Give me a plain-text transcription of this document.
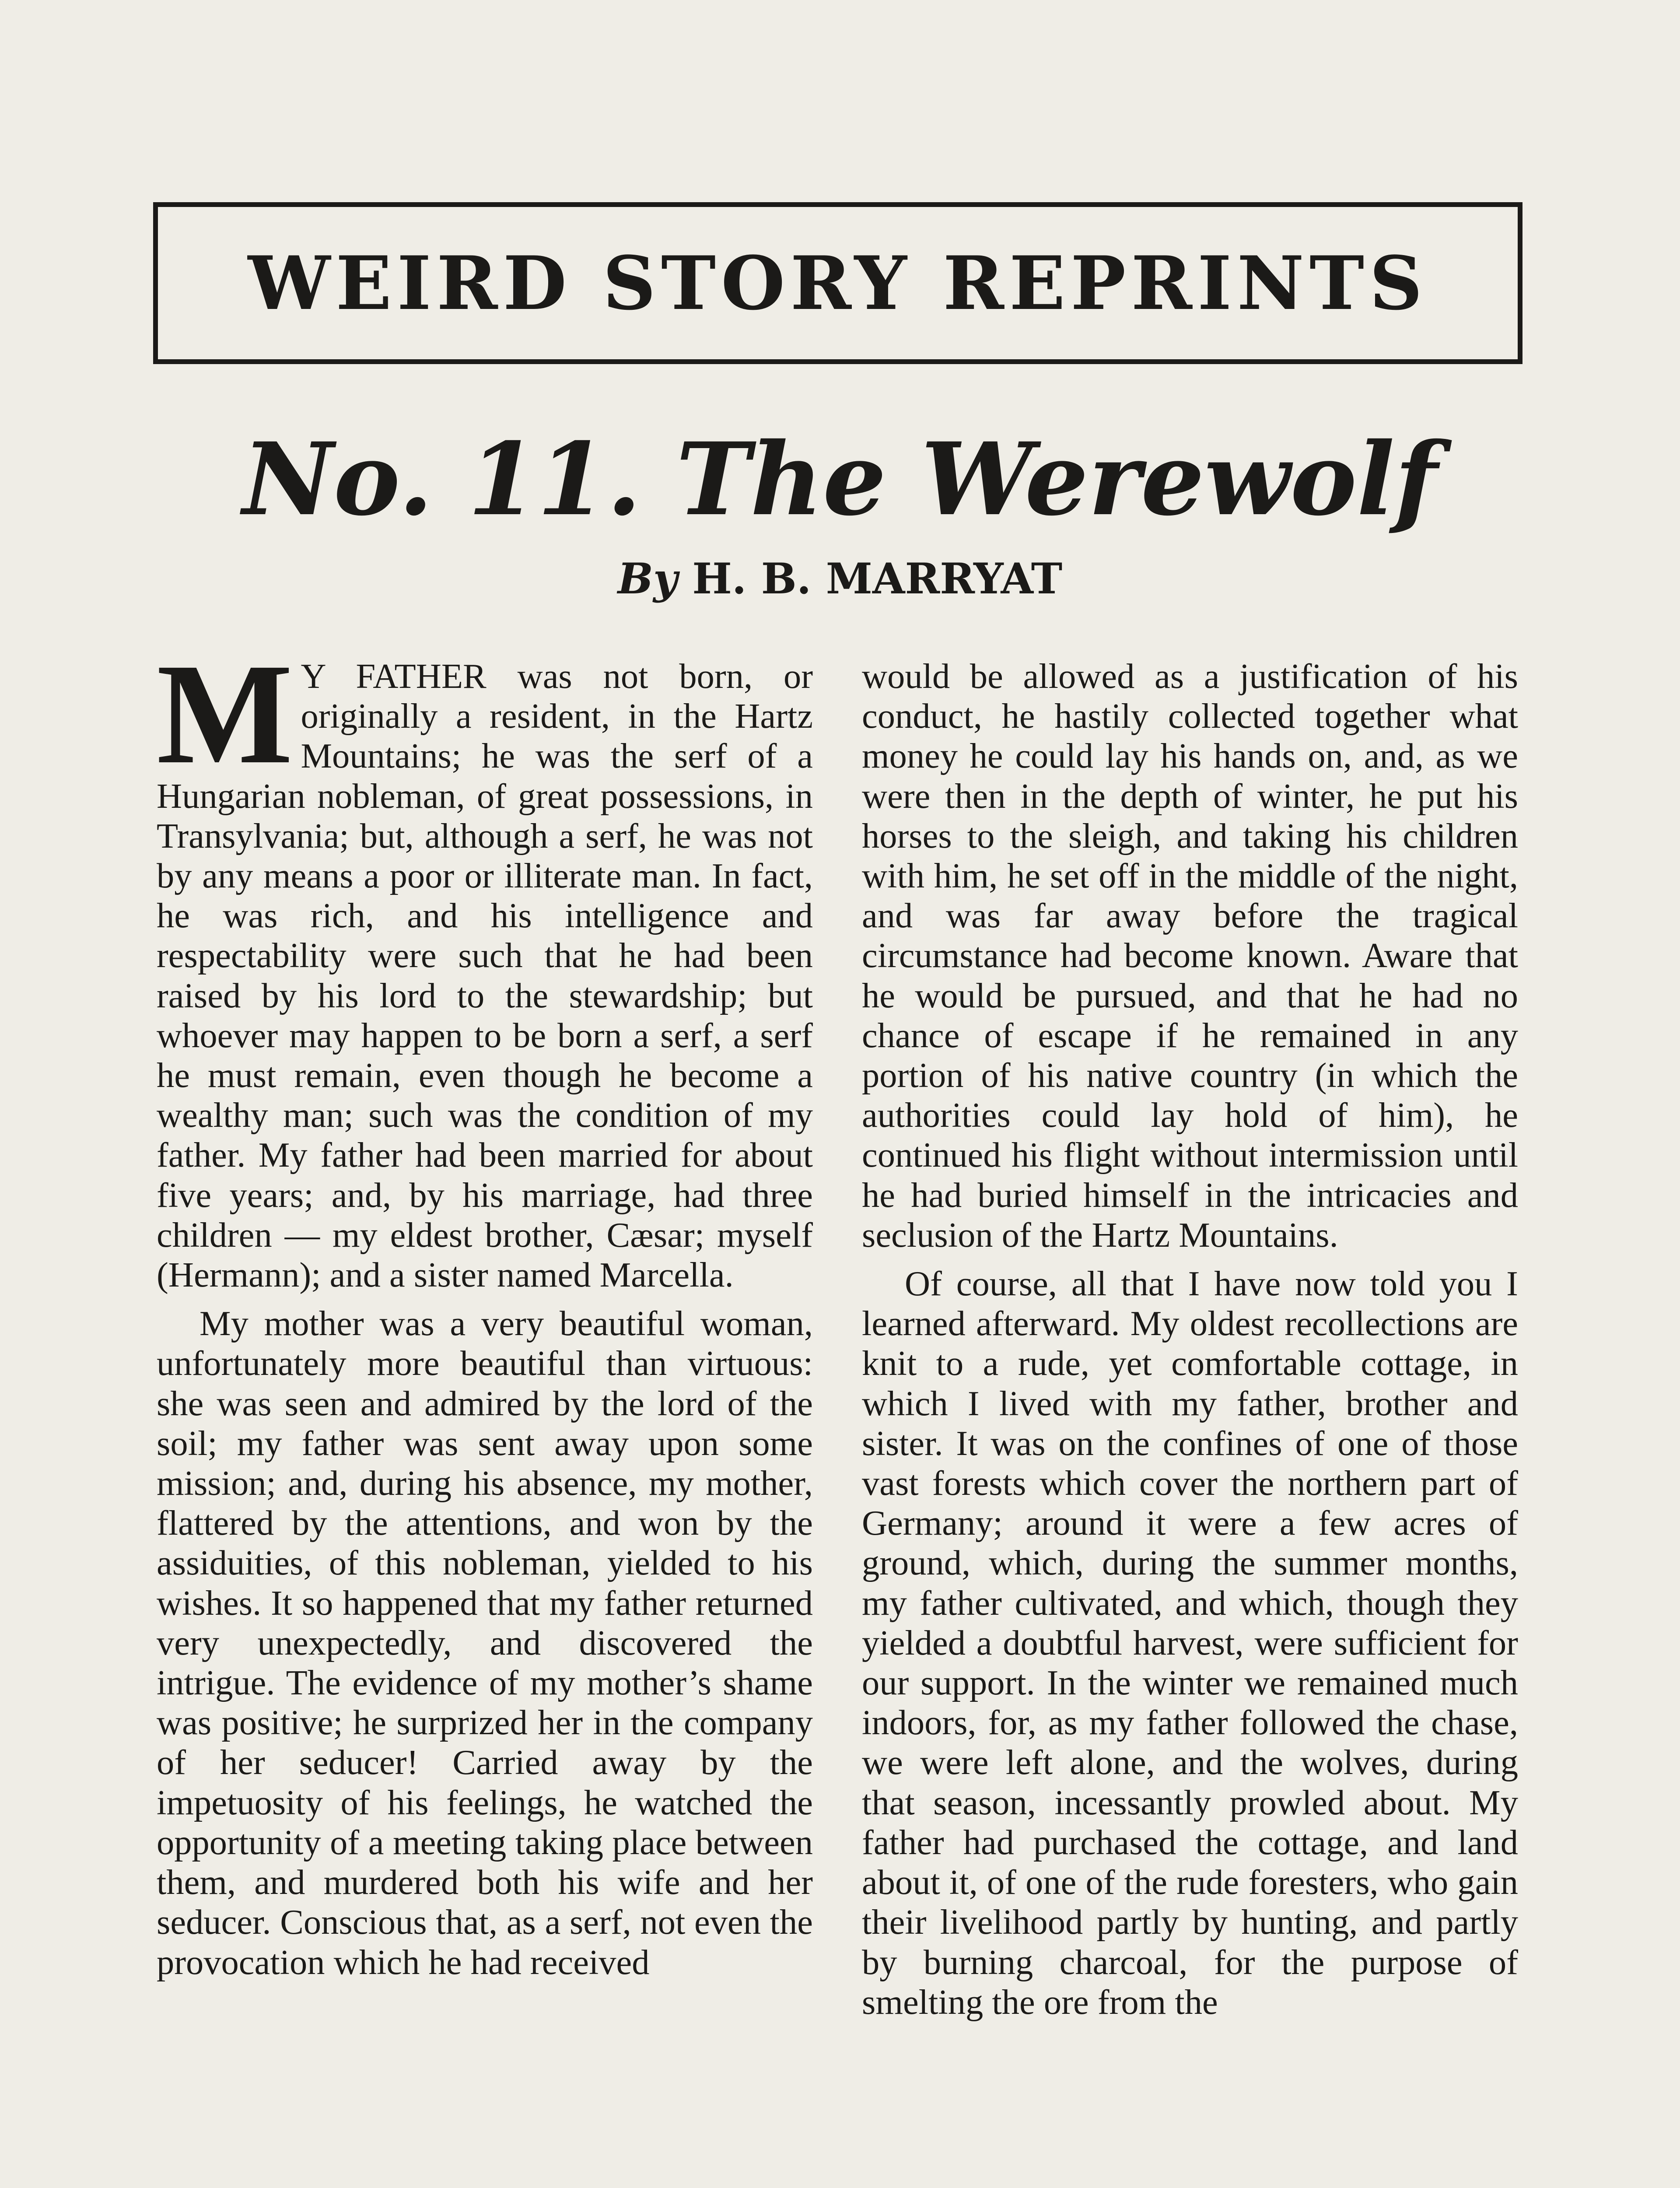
WEIRD STORY REPRINTS
No. 11. The Werewolf
By H. B. MARRYAT

M Y FATHER was not born, or originally a resident, in the Hartz Mountains; he was the serf of a Hungarian nobleman, of great possessions, in Transylvania; but, although a serf, he was not by any means a poor or illiterate man. In fact, he was rich, and his intelligence and respectability were such that he had been raised by his lord to the stewardship; but whoever may happen to be born a serf, a serf he must remain, even though he become a wealthy man; such was the condition of my father. My father had been married for about five years; and, by his marriage, had three children — my eldest brother, Cæsar; myself (Hermann); and a sister named Marcella.

My mother was a very beautiful woman, unfortunately more beautiful than virtuous: she was seen and admired by the lord of the soil; my father was sent away upon some mission; and, during his absence, my mother, flattered by the attentions, and won by the assiduities, of this nobleman, yielded to his wishes. It so happened that my father returned very unexpectedly, and discovered the intrigue. The evidence of my mother’s shame was positive; he surprized her in the company of her seducer! Carried away by the impetuosity of his feelings, he watched the opportunity of a meeting taking place between them, and murdered both his wife and her seducer. Conscious that, as a serf, not even the provocation which he had received

would be allowed as a justification of his conduct, he hastily collected together what money he could lay his hands on, and, as we were then in the depth of winter, he put his horses to the sleigh, and taking his children with him, he set off in the middle of the night, and was far away before the tragical circumstance had become known. Aware that he would be pursued, and that he had no chance of escape if he remained in any portion of his native country (in which the authorities could lay hold of him), he continued his flight without intermission until he had buried himself in the intricacies and seclusion of the Hartz Mountains.

Of course, all that I have now told you I learned afterward. My oldest recollections are knit to a rude, yet comfortable cottage, in which I lived with my father, brother and sister. It was on the confines of one of those vast forests which cover the northern part of Germany; around it were a few acres of ground, which, during the summer months, my father cultivated, and which, though they yielded a doubtful harvest, were sufficient for our support. In the winter we remained much indoors, for, as my father followed the chase, we were left alone, and the wolves, during that season, incessantly prowled about. My father had purchased the cottage, and land about it, of one of the rude foresters, who gain their livelihood partly by hunting, and partly by burning charcoal, for the purpose of smelting the ore from the
